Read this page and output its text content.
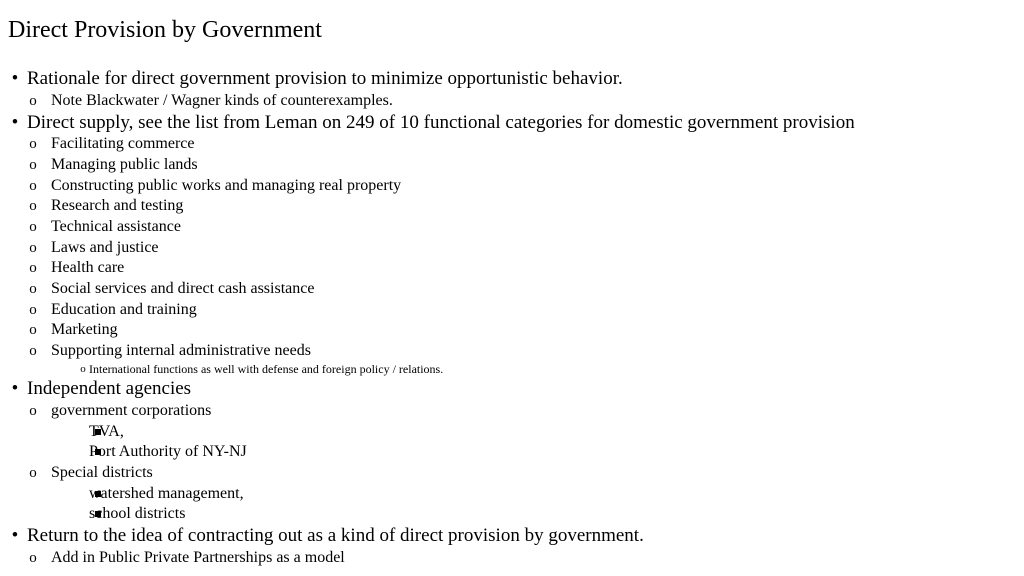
Direct Provision by Government
• Rationale for direct government provision to minimize opportunistic behavior.
o Note Blackwater / Wagner kinds of counterexamples.
• Direct supply, see the list from Leman on 249 of 10 functional categories for domestic government provision
o Facilitating commerce
o Managing public lands
o Constructing public works and managing real property
o Research and testing
o Technical assistance
o Laws and justice
o Health care
o Social services and direct cash assistance
o Education and training
o Marketing
o Supporting internal administrative needs
o International functions as well with defense and foreign policy / relations.
• Independent agencies
o government corporations

TVA,
Port Authority of NY-NJ
o Special districts
watershed management,
school districts
• Return to the idea of contracting out as a kind of direct provision by government.
o Add in Public Private Partnerships as a model
